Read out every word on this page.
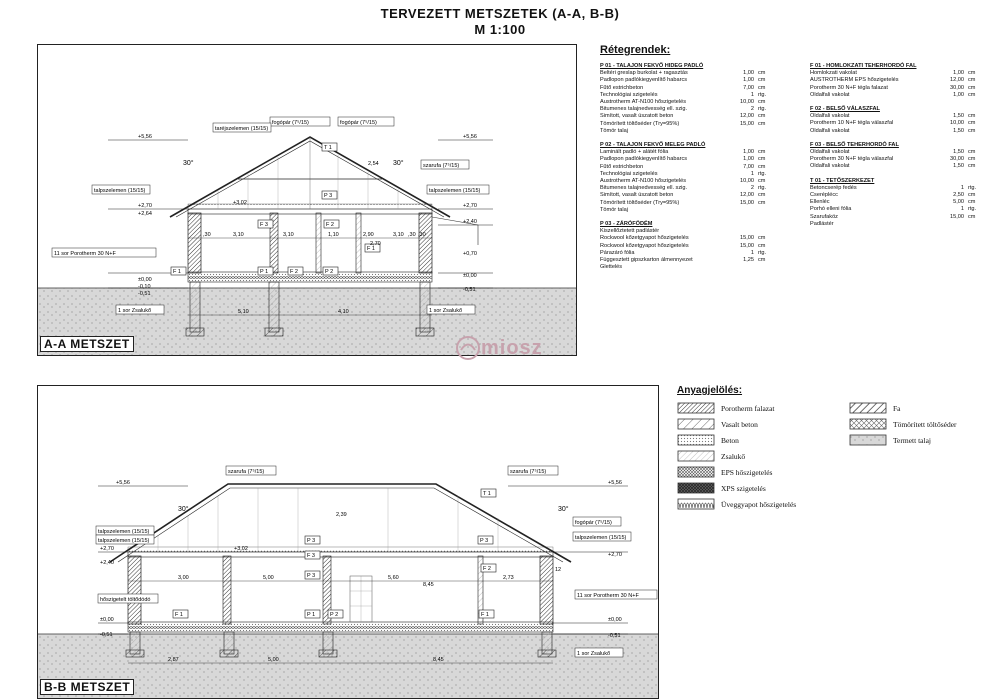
TERVEZETT METSZETEK (A-A, B-B)
M 1:100
+5,56	+5,56
+3,02
+2,70
+2,64
+2,70
+2,40
+0,70
±0,00
-0,10
±0,00
-0,51
-0,51
30°	30°
fogópár (7⁵/15)
taréjszelemen (15/15)
fogópár (7⁵/15)
szarufa (7⁵/15)
talpszelemen (15/15)	talpszelemen (15/15)
11 sor Porotherm 30 N+F
1 sor Zsalukő	1 sor Zsalukő
T 1
P 3
F 3	F 2
F 1	P 1	F 2	P 2
F 1
,30	3,10	3,10	1,10	2,90	3,10 ,30
5,10	4,10
2,54
2,70
,30
A-A METSZET	miosz
Rétegrendek:
P 01 - TALAJON FEKVŐ HIDEG PADLÓ
Beltéri greslap burkolat + ragasztás	1,00 cm
Padlopon padlókiegyenlítő habarcs	1,00 cm
Fűtő estrichbeton	7,00 cm
Technológiai szigetelés	1 rtg.
Austrotherm AT-N100 hőszigetelés	10,00 cm
Bitumenes talajnedvesség ell. szig.	2 rtg.
Simított, vasalt úszatott beton	12,00 cm
Tömörített töltőséder (Try=95%)	15,00 cm
Tömör talaj
P 02 - TALAJON FEKVŐ MELEG PADLÓ
Laminált padló + alátét fólia	1,00 cm
Padlopon padlókiegyenlítő habarcs	1,00 cm
Fűtő estrichbeton	7,00 cm
Technológiai szigetelés	1 rtg.
Austrotherm AT-N100 hőszigetelés	10,00 cm
Bitumenes talajnedvesség ell. szig.	2 rtg.
Simított, vasalt úszatott beton	12,00 cm
Tömörített töltőséder (Try=95%)	15,00 cm
Tömör talaj
P 03 - ZÁRÓFÖDÉM
Kiszellőztetett padlástér
Rockwool kőzetgyapot hőszigetelés	15,00 cm
Rockwool kőzetgyapot hőszigetelés	15,00 cm
Párazáró fólia	1 rtg.
Függesztett gipszkarton álmennyezet	1,25 cm
Glettelés
F 01 - HOMLOKZATI TEHERHORDÓ FAL
Homlokzati vakolat	1,00 cm
AUSTROTHERM EPS hőszigetelés	12,00 cm
Porotherm 30 N+F tégla falazat	30,00 cm
Oldalfali vakolat	1,00 cm
F 02 - BELSŐ VÁLASZFAL
Oldalfali vakolat	1,50 cm
Porotherm 10 N+F tégla válaszfal	10,00 cm
Oldalfali vakolat	1,50 cm
F 03 - BELSŐ TEHERHORDÓ FAL
Oldalfali vakolat	1,50 cm
Porotherm 30 N+F tégla válaszfal	30,00 cm
Oldalfali vakolat	1,50 cm
T 01 - TETŐSZERKEZET
Betoncserép fedés	1 rtg.
Cseréplécc	2,50 cm
Ellenléc	5,00 cm
Porhó elleni fólia	1 rtg.
Szarufaköz	15,00 cm
Padlástér
+5,56	+5,56
+3,02
+2,70
+2,70
+2,40
±0,00	±0,00
-0,51	-0,51
30°	30°
szarufa (7⁵/15)	szarufa (7⁵/15)
talpszelemen (15/15)
talpszelemen (15/15)
fogópár (7⁵/15)
talpszelemen (15/15)
hőszigetelt töltődódó
11 sor Porotherm 30 N+F
1 sor Zsalukő
T 1
P 3	P 3
F 3
F 2
F 1	P 1	P 2	F 1
P 3
3,00	5,00	5,60
8,45
2,73
2,87	5,00	8,45
2,39
12
B-B METSZET
Anyagjelölés:
Porotherm falazat
Vasalt beton
Beton
Zsalukő
EPS hőszigetelés
XPS szigetelés
Üveggyapot hőszigetelés
Fa
Tömörített töltőséder
Termett talaj
